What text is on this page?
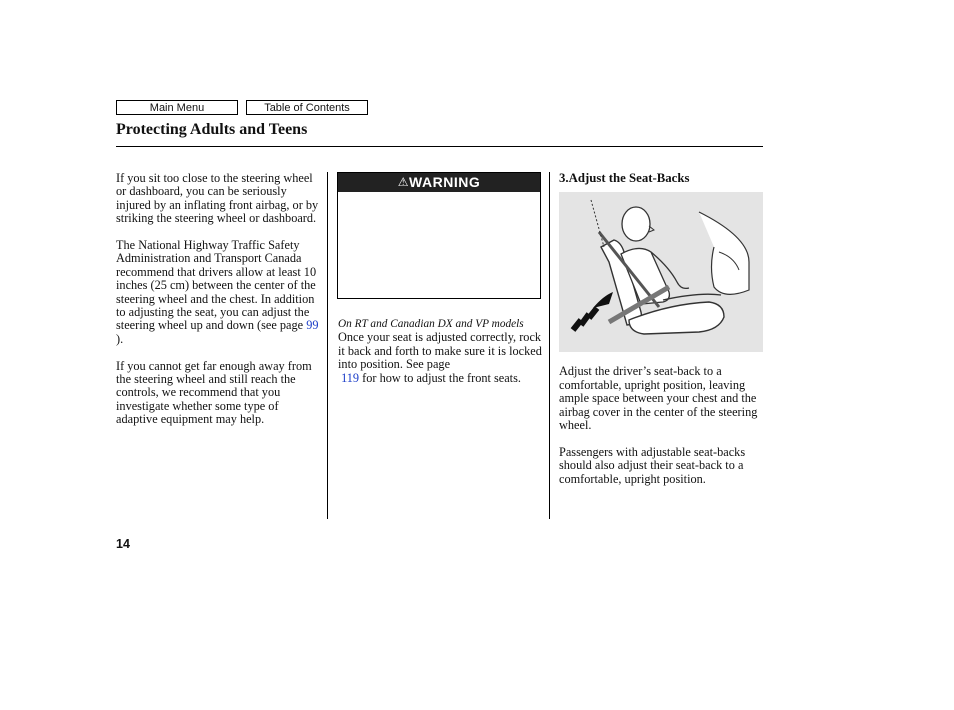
Main Menu	Table of Contents
Protecting Adults and Teens

If you sit too close to the steering wheel or dashboard, you can be seriously injured by an inflating front airbag, or by striking the steering wheel or dashboard.

The National Highway Traffic Safety Administration and Transport Canada recommend that drivers allow at least 10 inches (25 cm) between the center of the steering wheel and the chest. In addition to adjusting the seat, you can adjust the steering wheel up and down (see page 99 ).

If you cannot get far enough away from the steering wheel and still reach the controls, we recommend that you investigate whether some type of adaptive equipment may help.

⚠WARNING
On RT and Canadian DX and VP models

Once your seat is adjusted correctly, rock it back and forth to make sure it is locked into position. See page
119 for how to adjust the front seats.

3.Adjust the Seat-Backs

Adjust the driver’s seat-back to a comfortable, upright position, leaving ample space between your chest and the airbag cover in the center of the steering wheel.

Passengers with adjustable seat-backs should also adjust their seat-back to a comfortable, upright position.

14
